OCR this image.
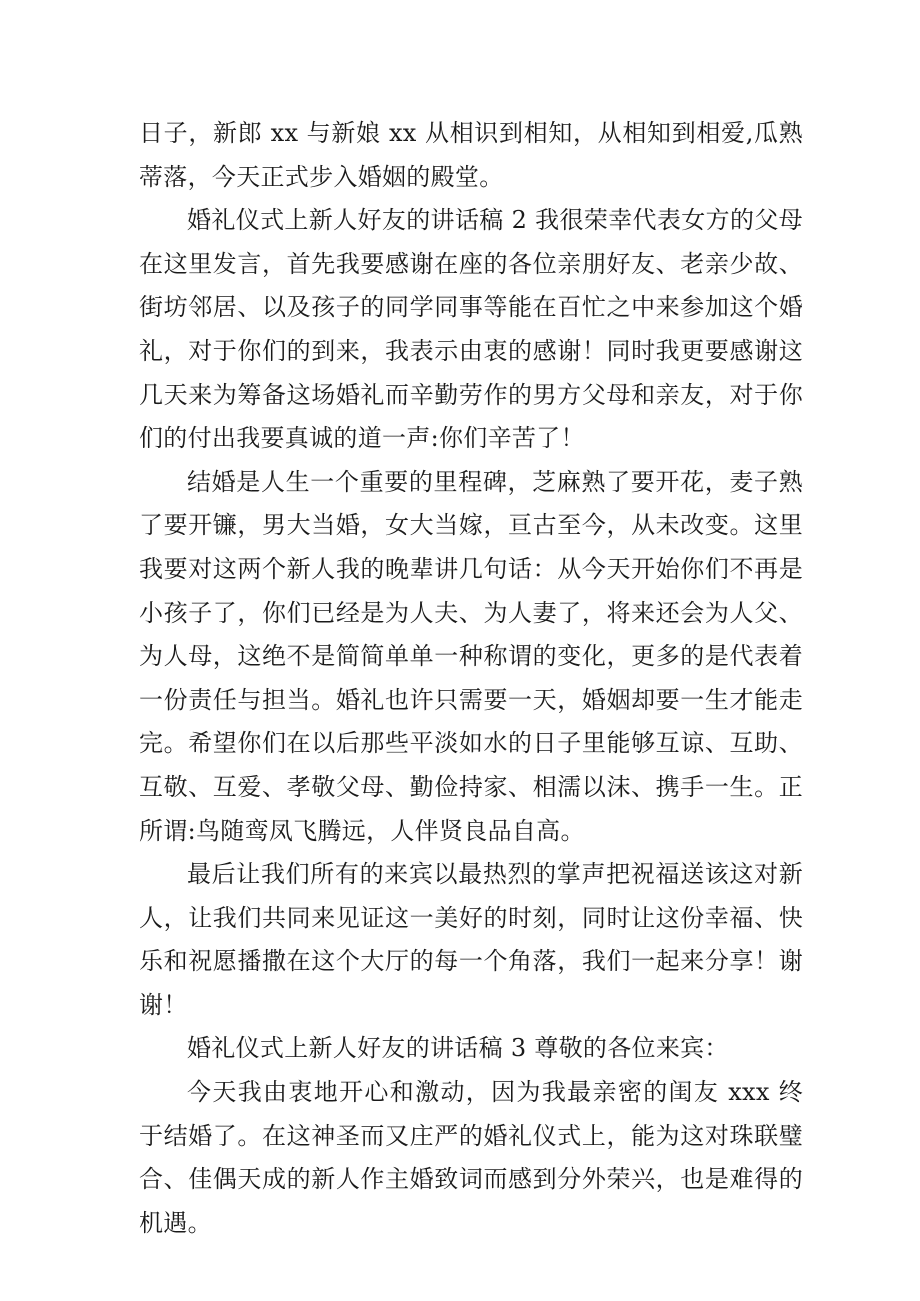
日子，新郎 xx 与新娘 xx 从相识到相知，从相知到相爱,瓜熟蒂落，今天正式步入婚姻的殿堂。

婚礼仪式上新人好友的讲话稿 2 我很荣幸代表女方的父母在这里发言，首先我要感谢在座的各位亲朋好友、老亲少故、街坊邻居、以及孩子的同学同事等能在百忙之中来参加这个婚礼，对于你们的到来，我表示由衷的感谢！同时我更要感谢这几天来为筹备这场婚礼而辛勤劳作的男方父母和亲友，对于你们的付出我要真诚的道一声:你们辛苦了！

结婚是人生一个重要的里程碑，芝麻熟了要开花，麦子熟了要开镰，男大当婚，女大当嫁，亘古至今，从未改变。这里我要对这两个新人我的晚辈讲几句话：从今天开始你们不再是小孩子了，你们已经是为人夫、为人妻了，将来还会为人父、为人母，这绝不是简简单单一种称谓的变化，更多的是代表着一份责任与担当。婚礼也许只需要一天，婚姻却要一生才能走完。希望你们在以后那些平淡如水的日子里能够互谅、互助、互敬、互爱、孝敬父母、勤俭持家、相濡以沫、携手一生。正所谓:鸟随鸾凤飞腾远，人伴贤良品自高。

最后让我们所有的来宾以最热烈的掌声把祝福送该这对新人，让我们共同来见证这一美好的时刻，同时让这份幸福、快乐和祝愿播撒在这个大厅的每一个角落，我们一起来分享！谢谢！

婚礼仪式上新人好友的讲话稿 3 尊敬的各位来宾：

今天我由衷地开心和激动，因为我最亲密的闺友 xxx 终于结婚了。在这神圣而又庄严的婚礼仪式上，能为这对珠联璧合、佳偶天成的新人作主婚致词而感到分外荣兴，也是难得的机遇。
